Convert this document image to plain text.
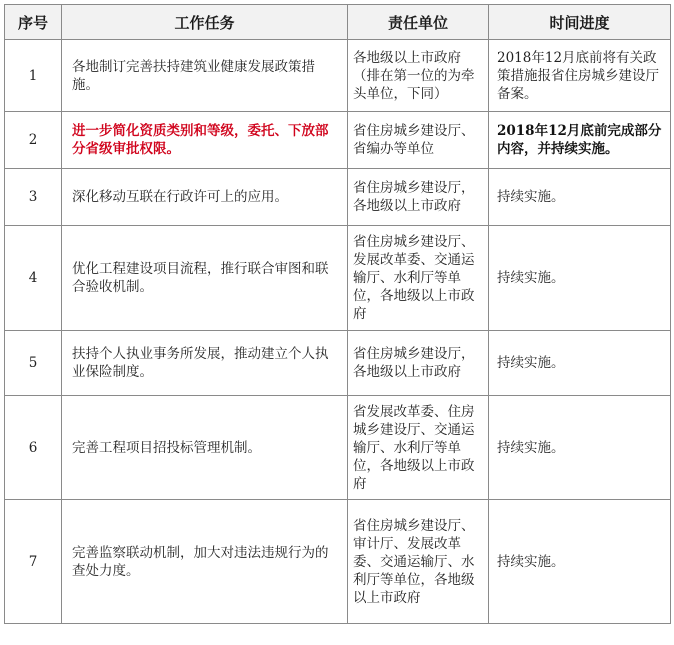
序号	工作任务	责任单位	时间进度
1	各地制订完善扶持建筑业健康发展政策措施。	各地级以上市政府（排在第一位的为牵头单位，下同）	2018年12月底前将有关政策措施报省住房城乡建设厅备案。
2	进一步简化资质类别和等级，委托、下放部分省级审批权限。	省住房城乡建设厅、省编办等单位	2018年12月底前完成部分内容，并持续实施。
3	深化移动互联在行政许可上的应用。	省住房城乡建设厅，各地级以上市政府	持续实施。
4	优化工程建设项目流程，推行联合审图和联合验收机制。	省住房城乡建设厅、发展改革委、交通运输厅、水利厅等单位，各地级以上市政府	持续实施。
5	扶持个人执业事务所发展，推动建立个人执业保险制度。	省住房城乡建设厅，各地级以上市政府	持续实施。
6	完善工程项目招投标管理机制。	省发展改革委、住房城乡建设厅、交通运输厅、水利厅等单位，各地级以上市政府	持续实施。
7	完善监察联动机制，加大对违法违规行为的查处力度。	省住房城乡建设厅、审计厅、发展改革委、交通运输厅、水利厅等单位，各地级以上市政府	持续实施。
